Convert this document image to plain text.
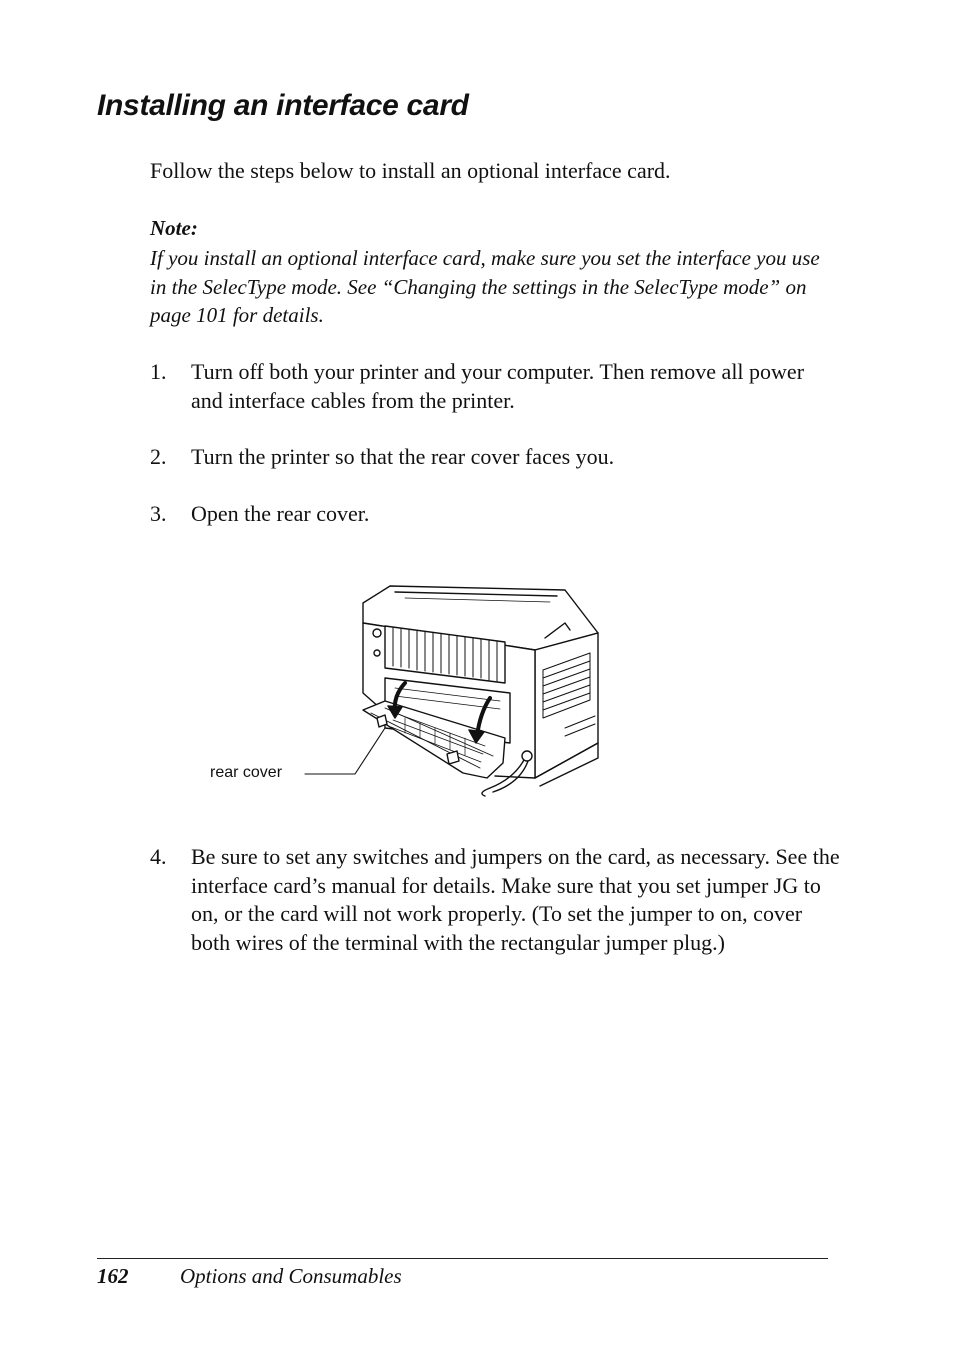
Installing an interface card
Follow the steps below to install an optional interface card.
Note:
If you install an optional interface card, make sure you set the interface you use in the SelecType mode. See “Changing the settings in the SelecType mode” on page 101 for details.
1.	Turn off both your printer and your computer. Then remove all power and interface cables from the printer.
2.	Turn the printer so that the rear cover faces you.
3.	Open the rear cover.
rear cover
4.	Be sure to set any switches and jumpers on the card, as necessary. See the interface card’s manual for details. Make sure that you set jumper JG to on, or the card will not work properly. (To set the jumper to on, cover both wires of the terminal with the rectangular jumper plug.)
162 Options and Consumables
